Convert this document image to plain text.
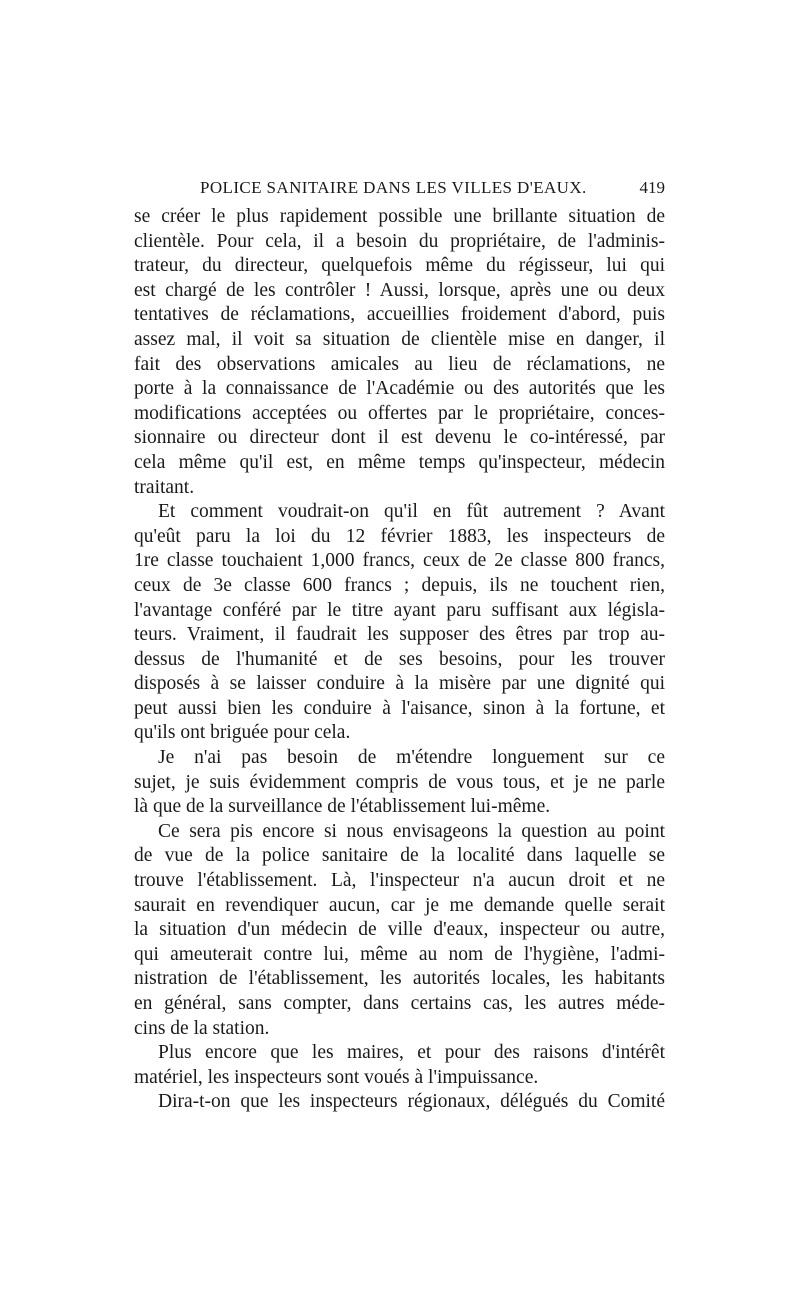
POLICE SANITAIRE DANS LES VILLES D'EAUX.	419
se créer le plus rapidement possible une brillante situation de
clientèle. Pour cela, il a besoin du propriétaire, de l'adminis-
trateur, du directeur, quelquefois même du régisseur, lui qui
est chargé de les contrôler ! Aussi, lorsque, après une ou deux
tentatives de réclamations, accueillies froidement d'abord, puis
assez mal, il voit sa situation de clientèle mise en danger, il
fait des observations amicales au lieu de réclamations, ne
porte à la connaissance de l'Académie ou des autorités que les
modifications acceptées ou offertes par le propriétaire, conces-
sionnaire ou directeur dont il est devenu le co-intéressé, par
cela même qu'il est, en même temps qu'inspecteur, médecin
traitant.
Et comment voudrait-on qu'il en fût autrement ? Avant
qu'eût paru la loi du 12 février 1883, les inspecteurs de
1re classe touchaient 1,000 francs, ceux de 2e classe 800 francs,
ceux de 3e classe 600 francs ; depuis, ils ne touchent rien,
l'avantage conféré par le titre ayant paru suffisant aux législa-
teurs. Vraiment, il faudrait les supposer des êtres par trop au-
dessus de l'humanité et de ses besoins, pour les trouver
disposés à se laisser conduire à la misère par une dignité qui
peut aussi bien les conduire à l'aisance, sinon à la fortune, et
qu'ils ont briguée pour cela.
Je n'ai pas besoin de m'étendre longuement sur ce
sujet, je suis évidemment compris de vous tous, et je ne parle
là que de la surveillance de l'établissement lui-même.
Ce sera pis encore si nous envisageons la question au point
de vue de la police sanitaire de la localité dans laquelle se
trouve l'établissement. Là, l'inspecteur n'a aucun droit et ne
saurait en revendiquer aucun, car je me demande quelle serait
la situation d'un médecin de ville d'eaux, inspecteur ou autre,
qui ameuterait contre lui, même au nom de l'hygiène, l'admi-
nistration de l'établissement, les autorités locales, les habitants
en général, sans compter, dans certains cas, les autres méde-
cins de la station.
Plus encore que les maires, et pour des raisons d'intérêt
matériel, les inspecteurs sont voués à l'impuissance.
Dira-t-on que les inspecteurs régionaux, délégués du Comité
